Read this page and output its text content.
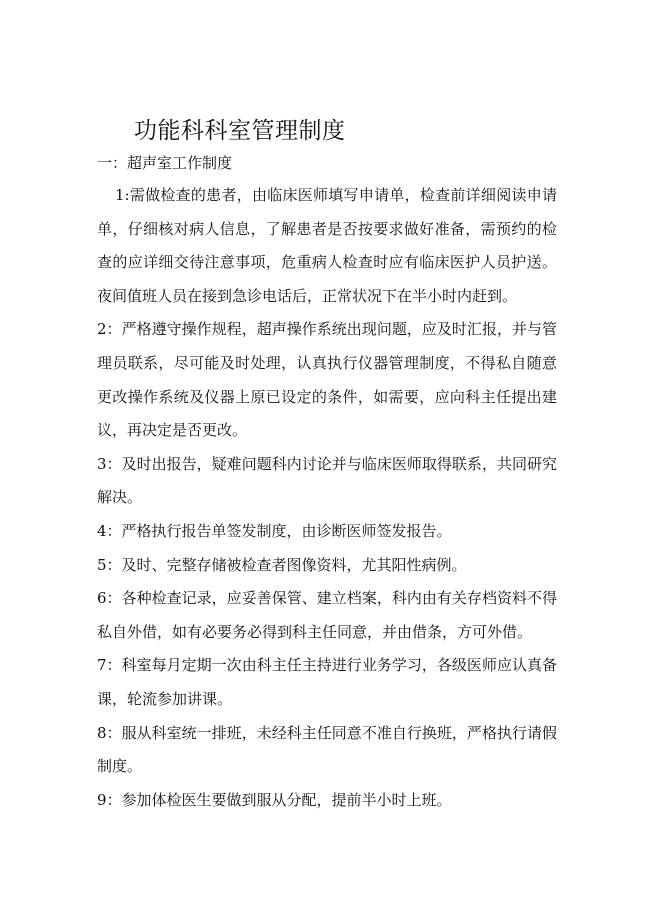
功能科科室管理制度
一：超声室工作制度

1:需做检查的患者，由临床医师填写申请单，检查前详细阅读申请单，仔细核对病人信息，了解患者是否按要求做好准备，需预约的检查的应详细交待注意事项，危重病人检查时应有临床医护人员护送。夜间值班人员在接到急诊电话后，正常状况下在半小时内赶到。

2：严格遵守操作规程，超声操作系统出现问题，应及时汇报，并与管理员联系，尽可能及时处理，认真执行仪器管理制度，不得私自随意更改操作系统及仪器上原已设定的条件，如需要，应向科主任提出建议，再决定是否更改。

3：及时出报告，疑难问题科内讨论并与临床医师取得联系，共同研究解决。

4：严格执行报告单签发制度，由诊断医师签发报告。

5：及时、完整存储被检查者图像资料，尤其阳性病例。

6：各种检查记录，应妥善保管、建立档案，科内由有关存档资料不得私自外借，如有必要务必得到科主任同意，并由借条，方可外借。

7：科室每月定期一次由科主任主持进行业务学习，各级医师应认真备课，轮流参加讲课。

8：服从科室统一排班，未经科主任同意不准自行换班，严格执行请假制度。

9：参加体检医生要做到服从分配，提前半小时上班。
